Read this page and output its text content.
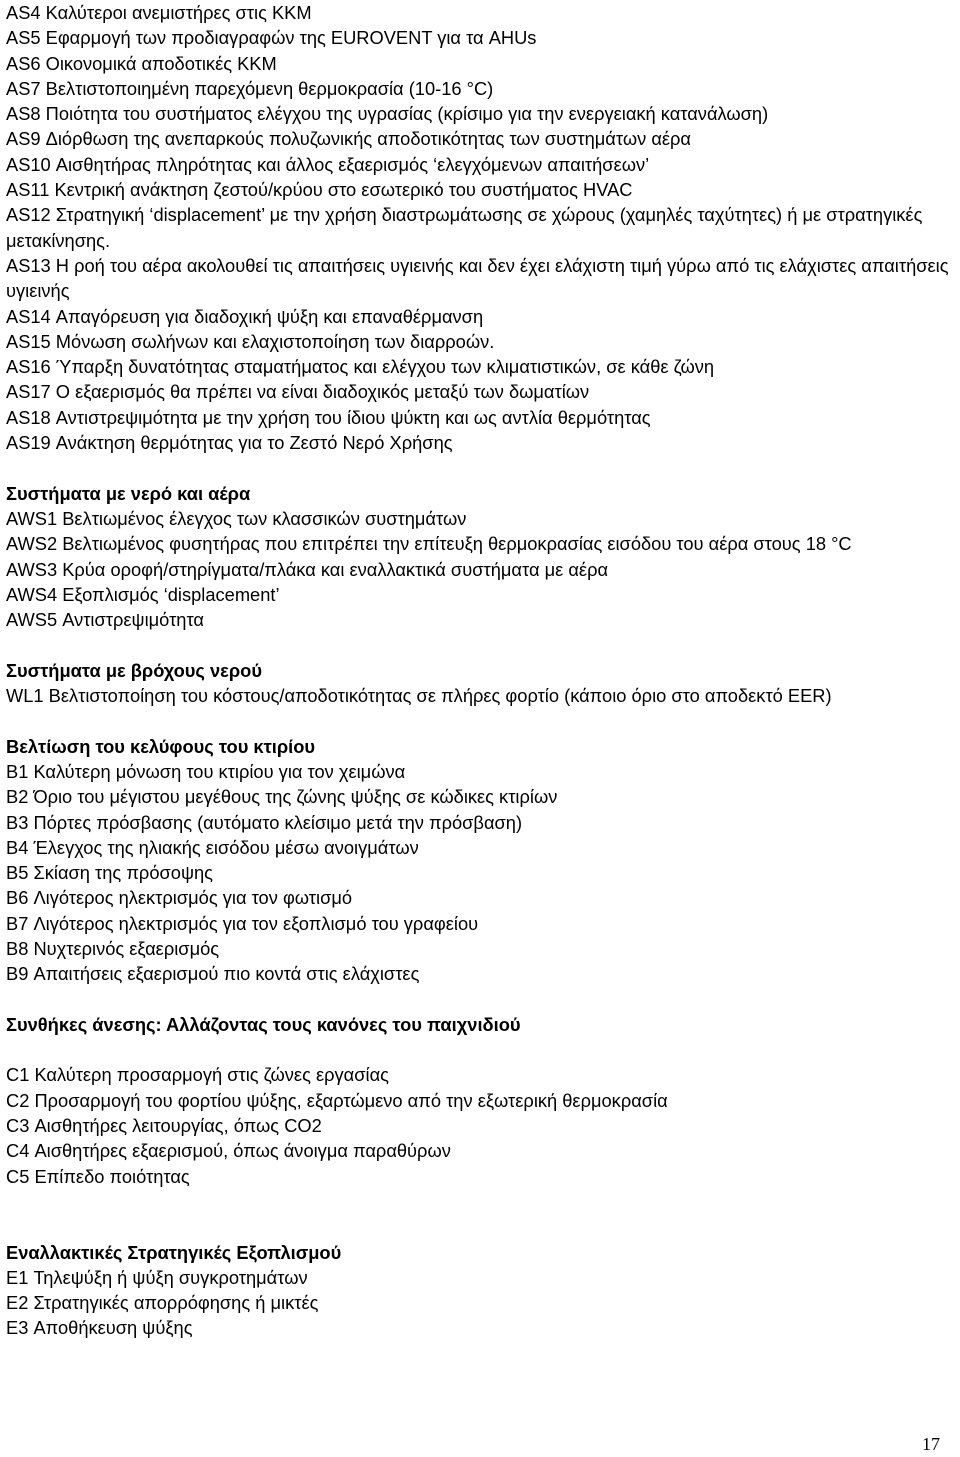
AS4 Καλύτεροι ανεμιστήρες στις ΚΚΜ
AS5 Εφαρμογή των προδιαγραφών της EUROVENT για τα AHUs
AS6 Οικονομικά αποδοτικές ΚΚΜ
AS7 Βελτιστοποιημένη παρεχόμενη θερμοκρασία (10-16 °C)
AS8 Ποιότητα του συστήματος ελέγχου της υγρασίας (κρίσιμο για την ενεργειακή κατανάλωση)
AS9 Διόρθωση της ανεπαρκούς πολυζωνικής αποδοτικότητας των συστημάτων αέρα
AS10 Αισθητήρας πληρότητας και άλλος εξαερισμός ‘ελεγχόμενων απαιτήσεων’
AS11 Κεντρική ανάκτηση ζεστού/κρύου στο εσωτερικό του συστήματος HVAC
AS12 Στρατηγική ‘displacement’ με την χρήση διαστρωμάτωσης σε χώρους (χαμηλές ταχύτητες) ή με στρατηγικές μετακίνησης.
AS13 Η ροή του αέρα ακολουθεί τις απαιτήσεις υγιεινής και δεν έχει ελάχιστη τιμή γύρω από τις ελάχιστες απαιτήσεις υγιεινής
AS14 Απαγόρευση για διαδοχική ψύξη και επαναθέρμανση
AS15 Μόνωση σωλήνων και ελαχιστοποίηση των διαρροών.
AS16 Ύπαρξη δυνατότητας σταματήματος και ελέγχου των κλιματιστικών, σε κάθε ζώνη
AS17 Ο εξαερισμός θα πρέπει να είναι διαδοχικός μεταξύ των δωματίων
AS18 Αντιστρεψιμότητα με την χρήση του ίδιου ψύκτη και ως αντλία θερμότητας
AS19 Ανάκτηση θερμότητας για το Ζεστό Νερό Χρήσης
Συστήματα με νερό και αέρα
AWS1 Βελτιωμένος έλεγχος των κλασσικών συστημάτων
AWS2 Βελτιωμένος φυσητήρας που επιτρέπει την επίτευξη θερμοκρασίας εισόδου του αέρα στους 18 °C
AWS3 Κρύα οροφή/στηρίγματα/πλάκα και εναλλακτικά συστήματα με αέρα
AWS4 Εξοπλισμός ‘displacement’
AWS5 Αντιστρεψιμότητα
Συστήματα με βρόχους νερού
WL1 Βελτιστοποίηση του κόστους/αποδοτικότητας σε πλήρες φορτίο (κάποιο όριο στο αποδεκτό EER)
Βελτίωση του κελύφους του κτιρίου
B1 Καλύτερη μόνωση του κτιρίου για τον χειμώνα
B2 Όριο του μέγιστου μεγέθους της ζώνης ψύξης σε κώδικες κτιρίων
B3 Πόρτες πρόσβασης (αυτόματο κλείσιμο μετά την πρόσβαση)
B4 Έλεγχος της ηλιακής εισόδου μέσω ανοιγμάτων
B5 Σκίαση της πρόσοψης
B6 Λιγότερος ηλεκτρισμός για τον φωτισμό
B7 Λιγότερος ηλεκτρισμός για τον εξοπλισμό του γραφείου
B8 Νυχτερινός εξαερισμός
B9 Απαιτήσεις εξαερισμού πιο κοντά στις ελάχιστες
Συνθήκες άνεσης: Αλλάζοντας τους κανόνες του παιχνιδιού
C1 Καλύτερη προσαρμογή στις ζώνες εργασίας
C2 Προσαρμογή του φορτίου ψύξης, εξαρτώμενο από την εξωτερική θερμοκρασία
C3 Αισθητήρες λειτουργίας, όπως CO2
C4 Αισθητήρες εξαερισμού, όπως άνοιγμα παραθύρων
C5 Επίπεδο ποιότητας
Εναλλακτικές Στρατηγικές Εξοπλισμού
E1 Τηλεψύξη ή ψύξη συγκροτημάτων
E2 Στρατηγικές απορρόφησης ή μικτές
E3 Αποθήκευση ψύξης
17
